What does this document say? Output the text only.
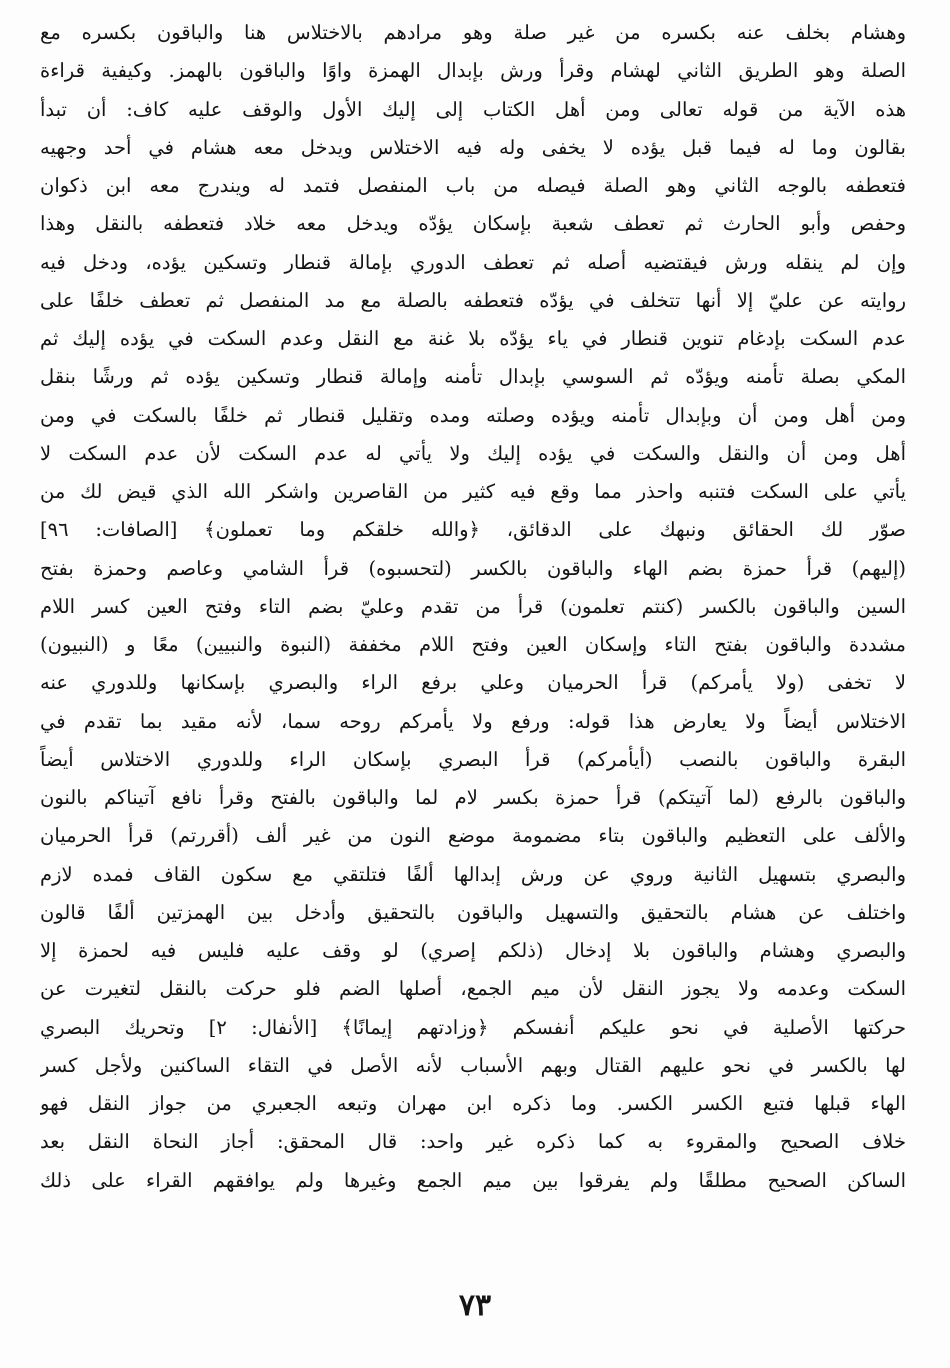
وهشام بخلف عنه بكسره من غير صلة وهو مرادهم بالاختلاس هنا والباقون بكسره مع
الصلة وهو الطريق الثاني لهشام وقرأ ورش بإبدال الهمزة واوًا والباقون بالهمز. وكيفية قراءة
هذه الآية من قوله تعالى ومن أهل الكتاب إلى إليك الأول والوقف عليه كاف: أن تبدأ
بقالون وما له فيما قبل يؤده لا يخفى وله فيه الاختلاس ويدخل معه هشام في أحد وجهيه
فتعطفه بالوجه الثاني وهو الصلة فيصله من باب المنفصل فتمد له ويندرج معه ابن ذكوان
وحفص وأبو الحارث ثم تعطف شعبة بإسكان يؤدّه ويدخل معه خلاد فتعطفه بالنقل وهذا
وإن لم ينقله ورش فيقتضيه أصله ثم تعطف الدوري بإمالة قنطار وتسكين يؤده، ودخل فيه
روايته عن عليّ إلا أنها تتخلف في يؤدّه فتعطفه بالصلة مع مد المنفصل ثم تعطف خلفًا على
عدم السكت بإدغام تنوين قنطار في ياء يؤدّه بلا غنة مع النقل وعدم السكت في يؤده إليك ثم
المكي بصلة تأمنه ويؤدّه ثم السوسي بإبدال تأمنه وإمالة قنطار وتسكين يؤده ثم ورشًا بنقل
ومن أهل ومن أن وبإبدال تأمنه ويؤده وصلته ومده وتقليل قنطار ثم خلفًا بالسكت في ومن
أهل ومن أن والنقل والسكت في يؤده إليك ولا يأتي له عدم السكت لأن عدم السكت لا
يأتي على السكت فتنبه واحذر مما وقع فيه كثير من القاصرين واشكر الله الذي قيض لك من
صوّر لك الحقائق ونبهك على الدقائق، ﴿والله خلقكم وما تعملون﴾ [الصافات: ٩٦]
(إليهم) قرأ حمزة بضم الهاء والباقون بالكسر (لتحسبوه) قرأ الشامي وعاصم وحمزة بفتح
السين والباقون بالكسر (كنتم تعلمون) قرأ من تقدم وعليّ بضم التاء وفتح العين كسر اللام
مشددة والباقون بفتح التاء وإسكان العين وفتح اللام مخففة (النبوة والنبيين) معًا و (النبيون)
لا تخفى (ولا يأمركم) قرأ الحرميان وعلي برفع الراء والبصري بإسكانها وللدوري عنه
الاختلاس أيضاً ولا يعارض هذا قوله: ورفع ولا يأمركم روحه سما، لأنه مقيد بما تقدم في
البقرة والباقون بالنصب (أيأمركم) قرأ البصري بإسكان الراء وللدوري الاختلاس أيضاً
والباقون بالرفع (لما آتيتكم) قرأ حمزة بكسر لام لما والباقون بالفتح وقرأ نافع آتيناكم بالنون
والألف على التعظيم والباقون بتاء مضمومة موضع النون من غير ألف (أقررتم) قرأ الحرميان
والبصري بتسهيل الثانية وروي عن ورش إبدالها ألفًا فتلتقي مع سكون القاف فمده لازم
واختلف عن هشام بالتحقيق والتسهيل والباقون بالتحقيق وأدخل بين الهمزتين ألفًا قالون
والبصري وهشام والباقون بلا إدخال (ذلكم إصري) لو وقف عليه فليس فيه لحمزة إلا
السكت وعدمه ولا يجوز النقل لأن ميم الجمع، أصلها الضم فلو حركت بالنقل لتغيرت عن
حركتها الأصلية في نحو عليكم أنفسكم ﴿وزادتهم إيمانًا﴾ [الأنفال: ٢] وتحريك البصري
لها بالكسر في نحو عليهم القتال وبهم الأسباب لأنه الأصل في التقاء الساكنين ولأجل كسر
الهاء قبلها فتبع الكسر الكسر. وما ذكره ابن مهران وتبعه الجعبري من جواز النقل فهو
خلاف الصحيح والمقروء به كما ذكره غير واحد: قال المحقق: أجاز النحاة النقل بعد
الساكن الصحيح مطلقًا ولم يفرقوا بين ميم الجمع وغيرها ولم يوافقهم القراء على ذلك
٧٣
